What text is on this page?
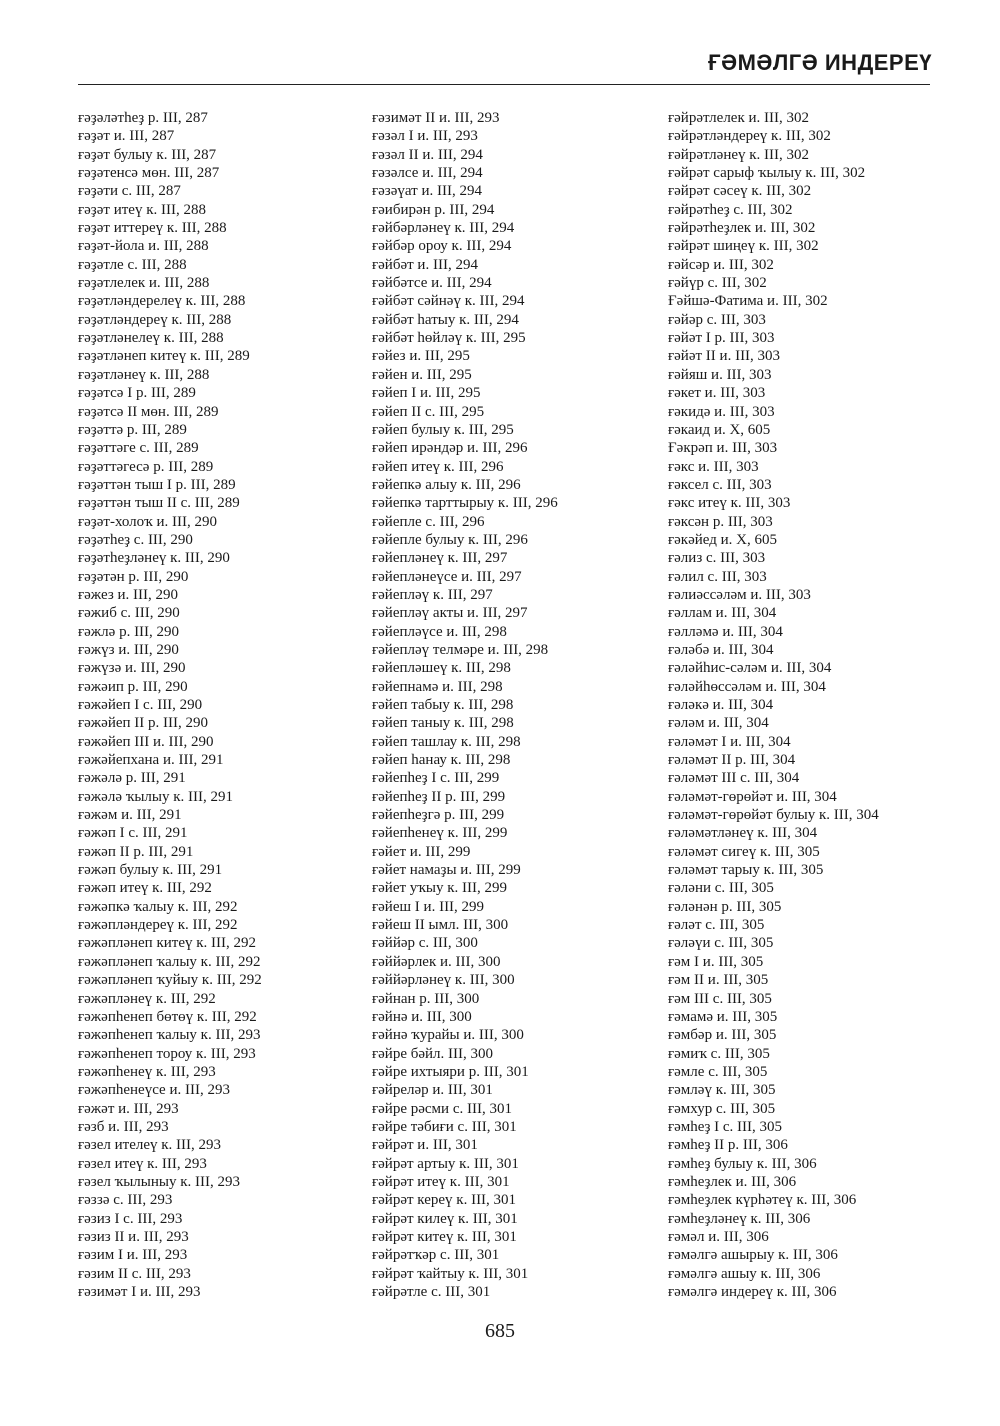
ҒӘМӘЛГӘ ИНДЕРЕҮ
ғәҙәләтһеҙ р. III, 287
ғәҙәт и. III, 287
ғәҙәт булыу к. III, 287
ғәҙәтенсә мөн. III, 287
ғәҙәти с. III, 287
ғәҙәт итеү к. III, 288
ғәҙәт иттереү к. III, 288
ғәҙәт-йола и. III, 288
ғәҙәтле с. III, 288
ғәҙәтлелек и. III, 288
ғәҙәтләндерелеү к. III, 288
ғәҙәтләндереү к. III, 288
ғәҙәтләнелеү к. III, 288
ғәҙәтләнеп китеү к. III, 289
ғәҙәтләнеү к. III, 288
ғәҙәтсә I р. III, 289
ғәҙәтсә II мөн. III, 289
ғәҙәттә р. III, 289
ғәҙәттәге с. III, 289
ғәҙәттәгесә р. III, 289
ғәҙәттән тыш I р. III, 289
ғәҙәттән тыш II с. III, 289
ғәҙәт-холоҡ и. III, 290
ғәҙәтһеҙ с. III, 290
ғәҙәтһеҙләнеү к. III, 290
ғәҙәтән р. III, 290
ғәжез и. III, 290
ғәжиб с. III, 290
ғәжлә р. III, 290
ғәжүз и. III, 290
ғәжүзә и. III, 290
ғәжәип р. III, 290
ғәжәйеп I с. III, 290
ғәжәйеп II р. III, 290
ғәжәйеп III и. III, 290
ғәжәйепхана и. III, 291
ғәжәлә р. III, 291
ғәжәлә ҡылыу к. III, 291
ғәжәм и. III, 291
ғәжәп I с. III, 291
ғәжәп II р. III, 291
ғәжәп булыу к. III, 291
ғәжәп итеү к. III, 292
ғәжәпкә ҡалыу к. III, 292
ғәжәпләндереү к. III, 292
ғәжәпләнеп китеү к. III, 292
ғәжәпләнеп ҡалыу к. III, 292
ғәжәпләнеп ҡуйыу к. III, 292
ғәжәпләнеү к. III, 292
ғәжәпһенеп бөтөү к. III, 292
ғәжәпһенеп ҡалыу к. III, 293
ғәжәпһенеп тороу к. III, 293
ғәжәпһенеү к. III, 293
ғәжәпһенеүсе и. III, 293
ғәжәт и. III, 293
ғәзб и. III, 293
ғәзел ителеү к. III, 293
ғәзел итеү к. III, 293
ғәзел ҡылыныу к. III, 293
ғәззә с. III, 293
ғәзиз I с. III, 293
ғәзиз II и. III, 293
ғәзим I и. III, 293
ғәзим II с. III, 293
ғәзимәт I и. III, 293
ғәзимәт II и. III, 293
ғәзәл I и. III, 293
ғәзәл II и. III, 294
ғәзәлсе и. III, 294
ғәзәүат и. III, 294
ғәибирән р. III, 294
ғәйбәрләнеү к. III, 294
ғәйбәр ороу к. III, 294
ғәйбәт и. III, 294
ғәйбәтсе и. III, 294
ғәйбәт сәйнәү к. III, 294
ғәйбәт һатыу к. III, 294
ғәйбәт һөйләү к. III, 295
ғәйез и. III, 295
ғәйен и. III, 295
ғәйеп I и. III, 295
ғәйеп II с. III, 295
ғәйеп булыу к. III, 295
ғәйеп ирәндәр и. III, 296
ғәйеп итеү к. III, 296
ғәйепкә алыу к. III, 296
ғәйепкә тарттырыу к. III, 296
ғәйепле с. III, 296
ғәйепле булыу к. III, 296
ғәйепләнеү к. III, 297
ғәйепләнеүсе и. III, 297
ғәйепләү к. III, 297
ғәйепләү акты и. III, 297
ғәйепләүсе и. III, 298
ғәйепләү телмәре и. III, 298
ғәйепләшеү к. III, 298
ғәйепнамә и. III, 298
ғәйеп табыу к. III, 298
ғәйеп таныу к. III, 298
ғәйеп ташлау к. III, 298
ғәйеп һанау к. III, 298
ғәйепһеҙ I с. III, 299
ғәйепһеҙ II р. III, 299
ғәйепһеҙгә р. III, 299
ғәйепһенеү к. III, 299
ғәйет и. III, 299
ғәйет намаҙы и. III, 299
ғәйет уҡыу к. III, 299
ғәйеш I и. III, 299
ғәйеш II ымл. III, 300
ғәййәр с. III, 300
ғәййәрлек и. III, 300
ғәййәрләнеү к. III, 300
ғәйнан р. III, 300
ғәйнә и. III, 300
ғәйнә ҡурайы и. III, 300
ғәйре бәйл. III, 300
ғәйре ихтыяри р. III, 301
ғәйреләр и. III, 301
ғәйре рәсми с. III, 301
ғәйре тәбиғи с. III, 301
ғәйрәт и. III, 301
ғәйрәт артыу к. III, 301
ғәйрәт итеү к. III, 301
ғәйрәт кереү к. III, 301
ғәйрәт килеү к. III, 301
ғәйрәт китеү к. III, 301
ғәйрәтҡәр с. III, 301
ғәйрәт ҡайтыу к. III, 301
ғәйрәтле с. III, 301
ғәйрәтлелек и. III, 302
ғәйрәтләндереү к. III, 302
ғәйрәтләнеү к. III, 302
ғәйрәт сарыф ҡылыу к. III, 302
ғәйрәт сәсеү к. III, 302
ғәйрәтһеҙ с. III, 302
ғәйрәтһеҙлек и. III, 302
ғәйрәт шиңеү к. III, 302
ғәйсәр и. III, 302
ғәйүр с. III, 302
Ғәйшә-Фатима и. III, 302
ғәйәр с. III, 303
ғәйәт I р. III, 303
ғәйәт II и. III, 303
ғәйяш и. III, 303
ғәкет и. III, 303
ғәкидә и. III, 303
ғәкаид и. X, 605
Ғәкрәп и. III, 303
ғәкс и. III, 303
ғәксел с. III, 303
ғәкс итеү к. III, 303
ғәксән р. III, 303
ғәкәйед и. X, 605
ғәлиз с. III, 303
ғәлил с. III, 303
ғәлиәссәләм и. III, 303
ғәллам и. III, 304
ғәлләмә и. III, 304
ғәләбә и. III, 304
ғәләйһис-сәләм и. III, 304
ғәләйһөссәләм и. III, 304
ғәләкә и. III, 304
ғәләм и. III, 304
ғәләмәт I и. III, 304
ғәләмәт II р. III, 304
ғәләмәт III с. III, 304
ғәләмәт-гөрөйәт и. III, 304
ғәләмәт-гөрөйәт булыу к. III, 304
ғәләмәтләнеү к. III, 304
ғәләмәт сигеү к. III, 305
ғәләмәт тарыу к. III, 305
ғәләни с. III, 305
ғәләнән р. III, 305
ғәләт с. III, 305
ғәләүи с. III, 305
ғәм I и. III, 305
ғәм II и. III, 305
ғәм III с. III, 305
ғәмамә и. III, 305
ғәмбәр и. III, 305
ғәмиҡ с. III, 305
ғәмле с. III, 305
ғәмләү к. III, 305
ғәмхур с. III, 305
ғәмһеҙ I с. III, 305
ғәмһеҙ II р. III, 306
ғәмһеҙ булыу к. III, 306
ғәмһеҙлек и. III, 306
ғәмһеҙлек күрһәтеү к. III, 306
ғәмһеҙләнеү к. III, 306
ғәмәл и. III, 306
ғәмәлгә ашырыу к. III, 306
ғәмәлгә ашыу к. III, 306
ғәмәлгә индереү к. III, 306
685
